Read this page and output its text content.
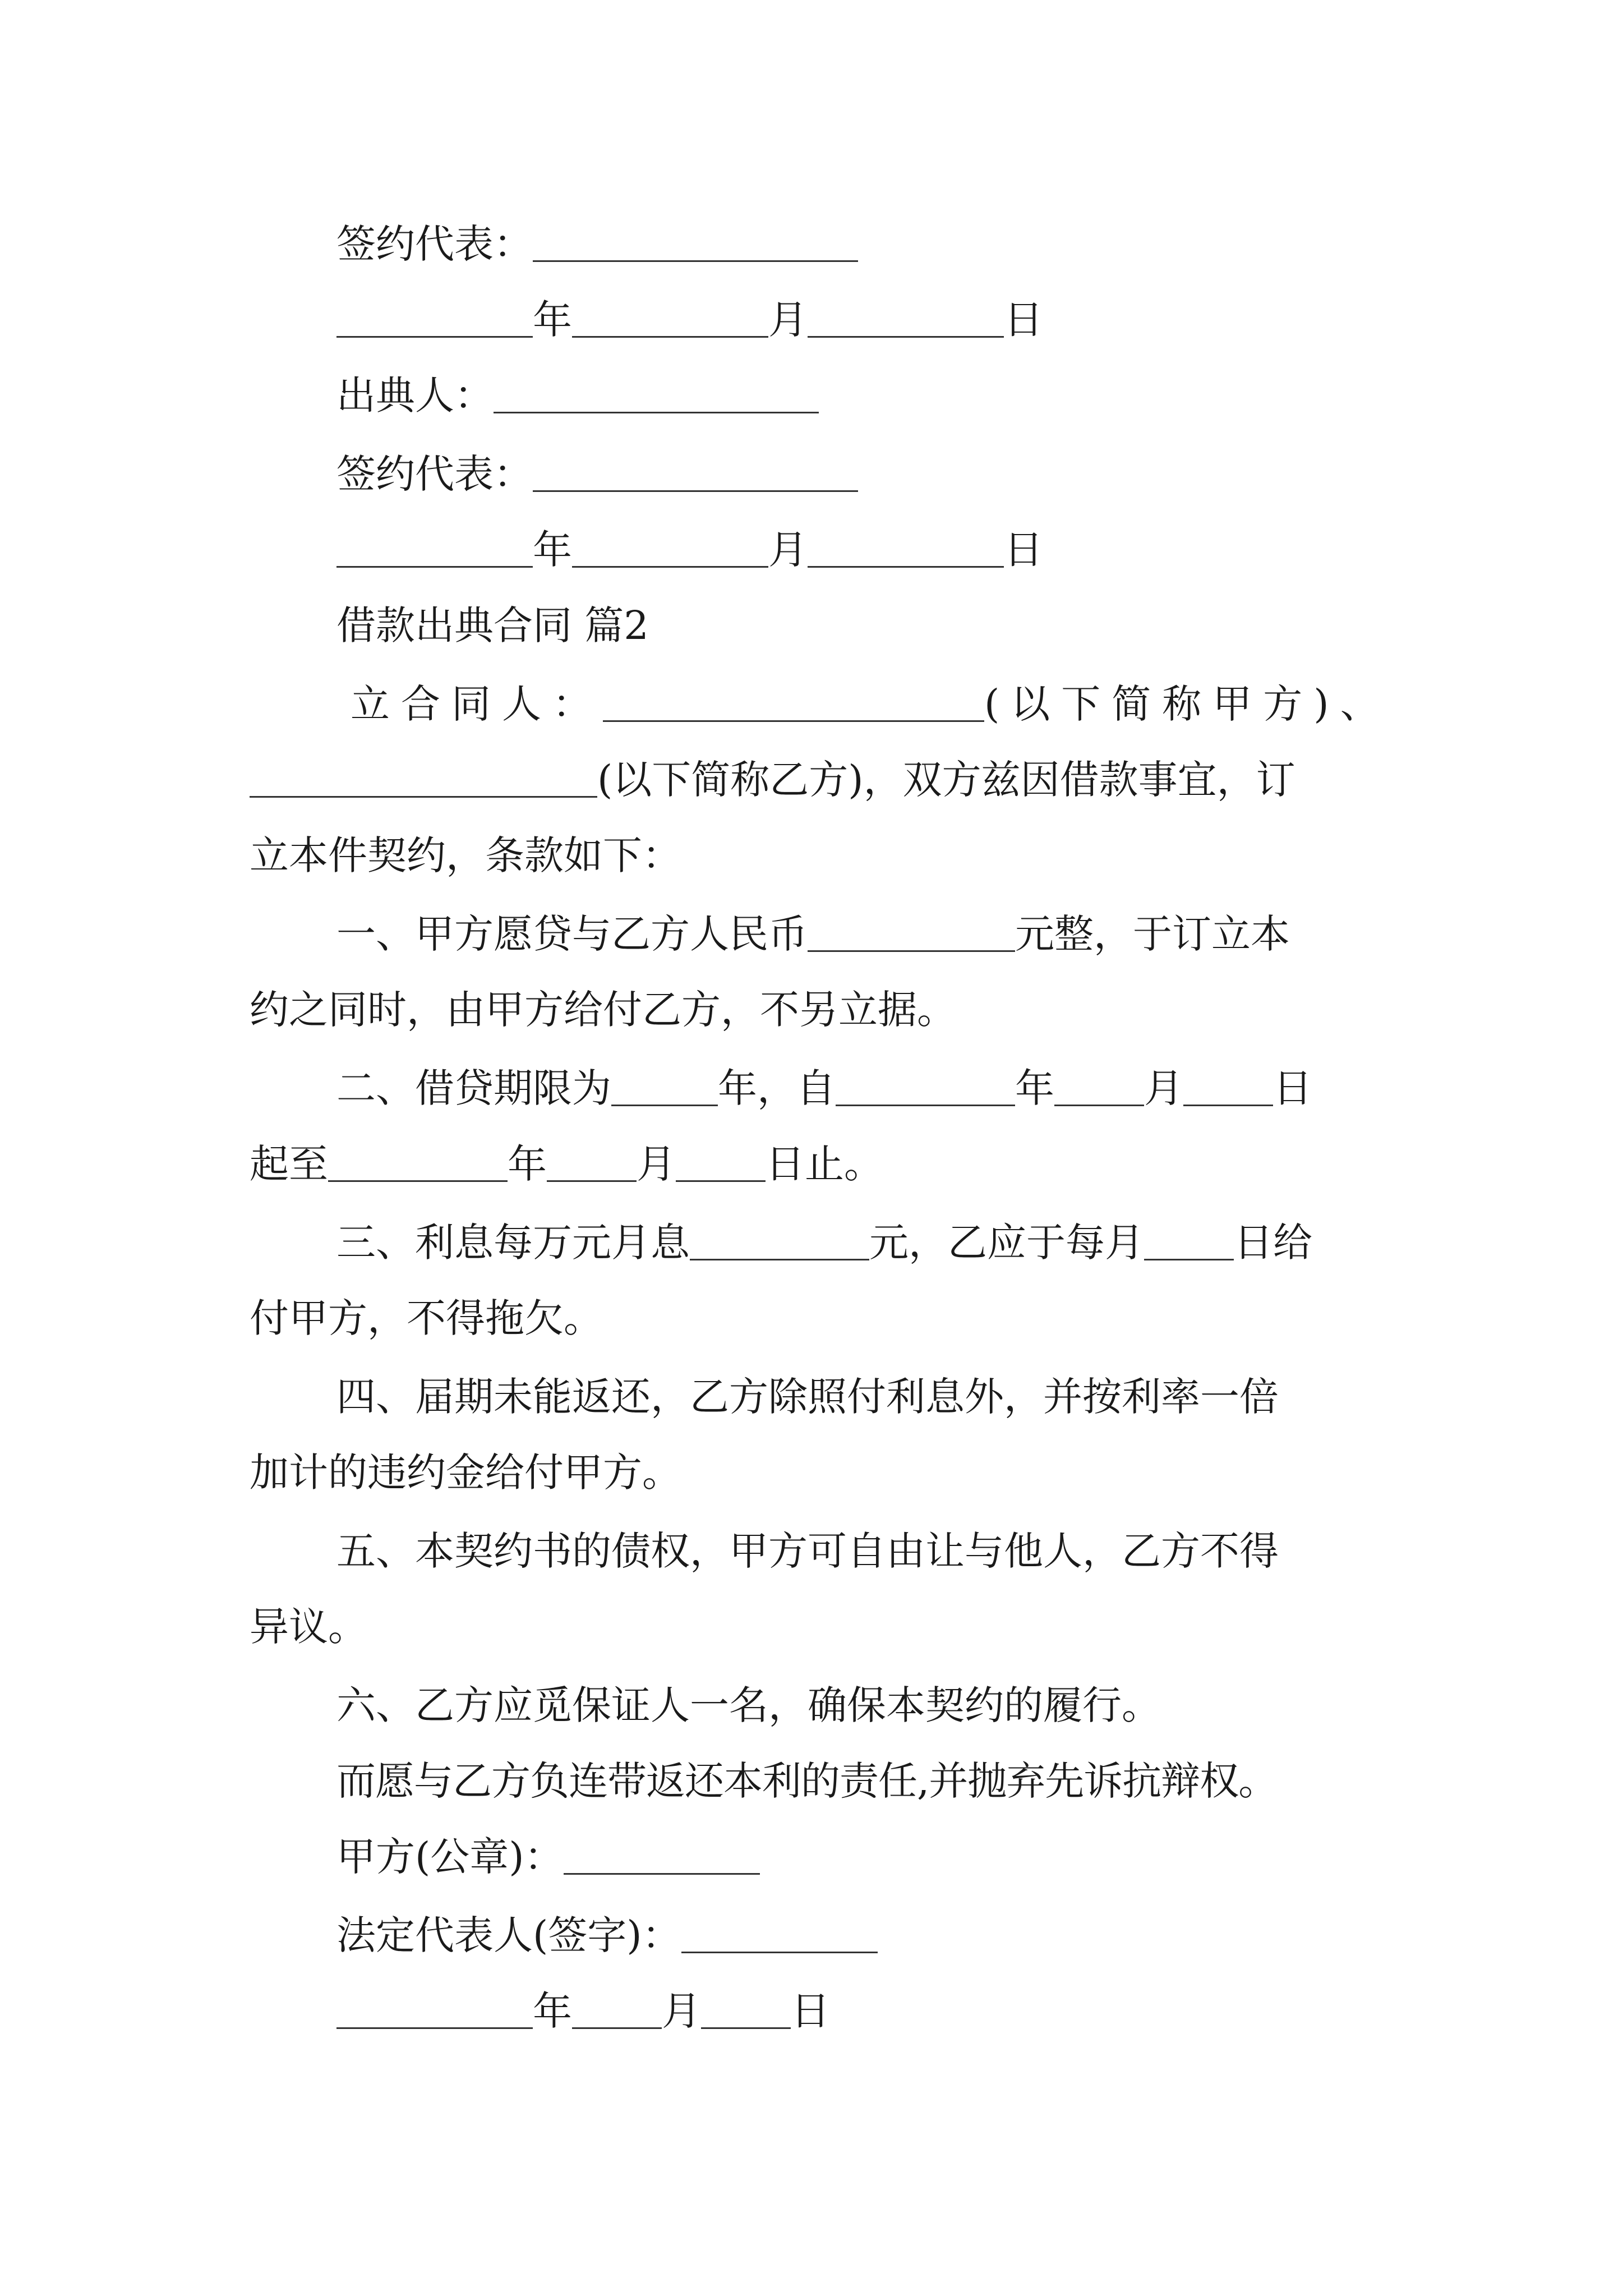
签约代表：
年	月	日
出典人：
签约代表：
年	月	日
借款出典合同 篇2
立合同人：	(以下简称甲方)、
(以下简称乙方)，双方兹因借款事宜，订
立本件契约，条款如下：
一、甲方愿贷与乙方人民币	元整，于订立本
约之同时，由甲方给付乙方，不另立据。
二、借贷期限为	年，自	年 月 日
起至	年 月 日止。
三、利息每万元月息	元，乙应于每月 日给
付甲方，不得拖欠。
四、届期未能返还，乙方除照付利息外，并按利率一倍
加计的违约金给付甲方。
五、本契约书的债权，甲方可自由让与他人，乙方不得
异议。
六、乙方应觅保证人一名，确保本契约的履行。
而愿与乙方负连带返还本利的责任,并抛弃先诉抗辩权。
甲方(公章)：
法定代表人(签字)：
年 月 日
